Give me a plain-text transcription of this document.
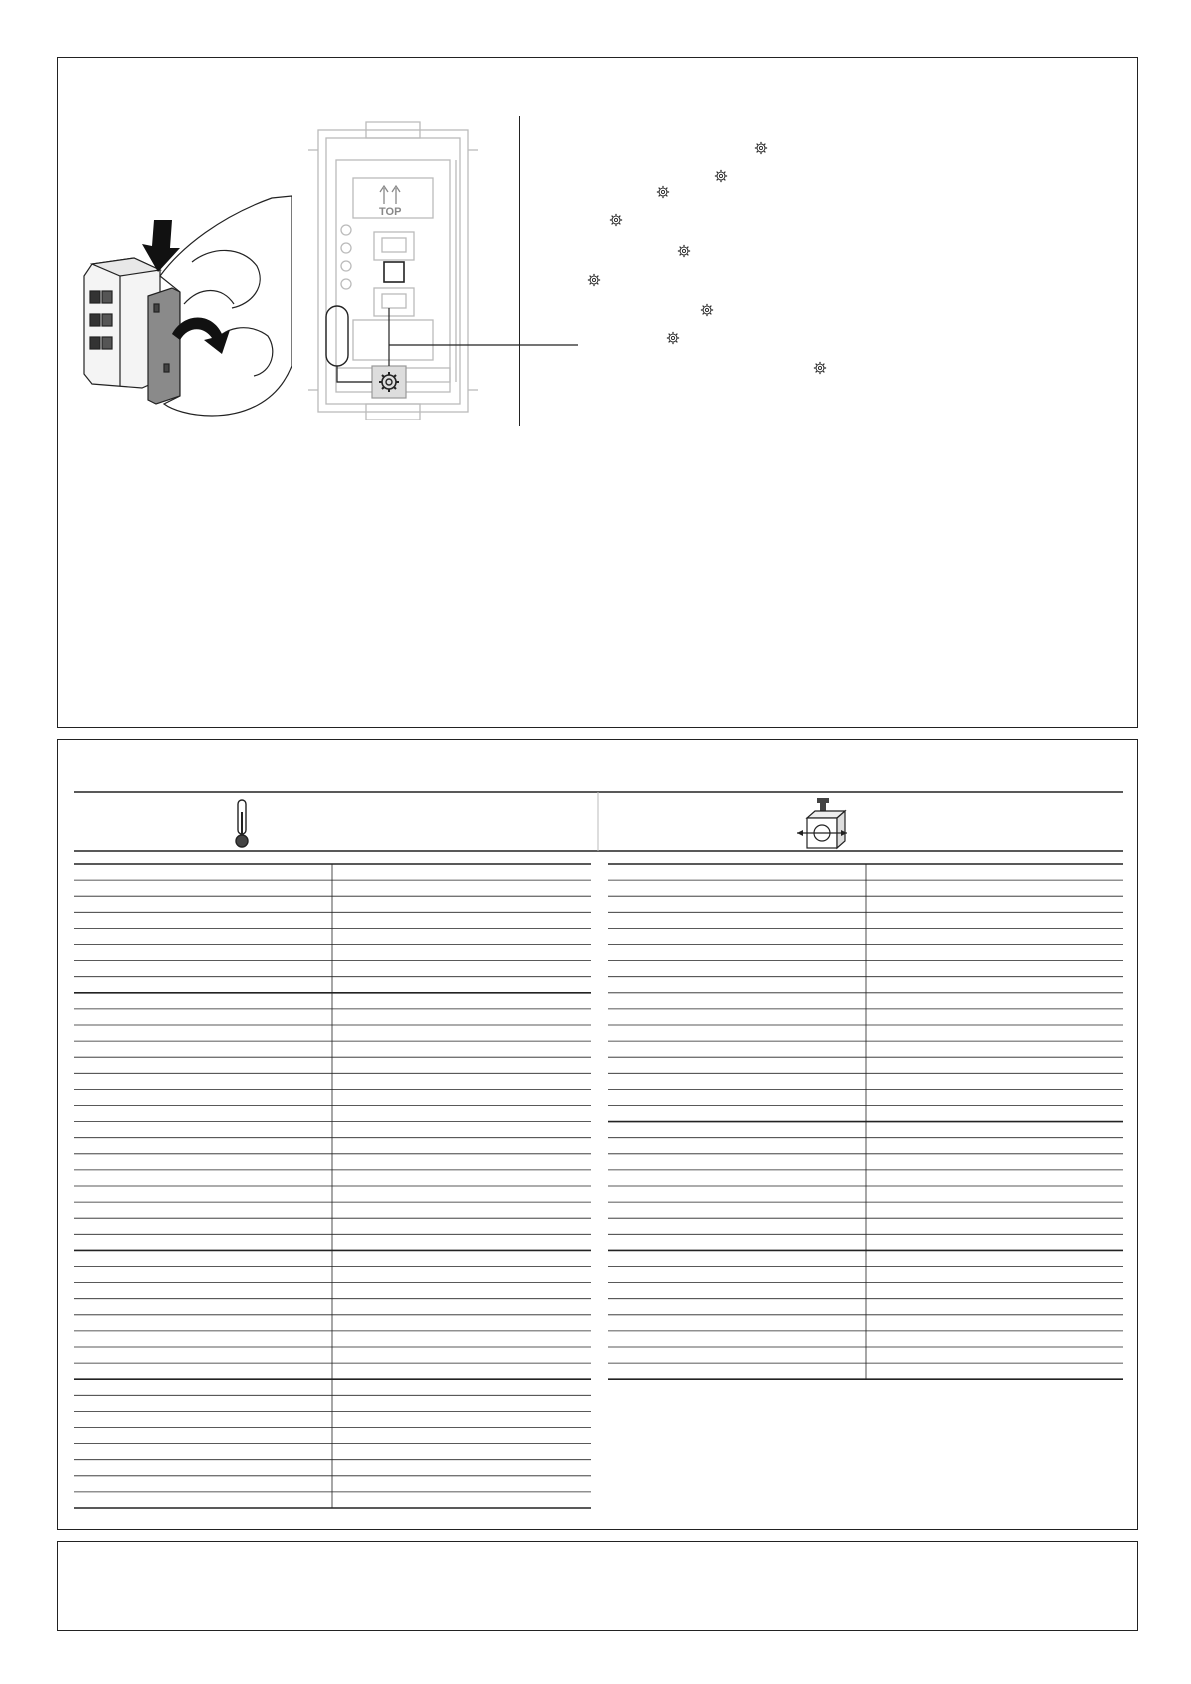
TOP
